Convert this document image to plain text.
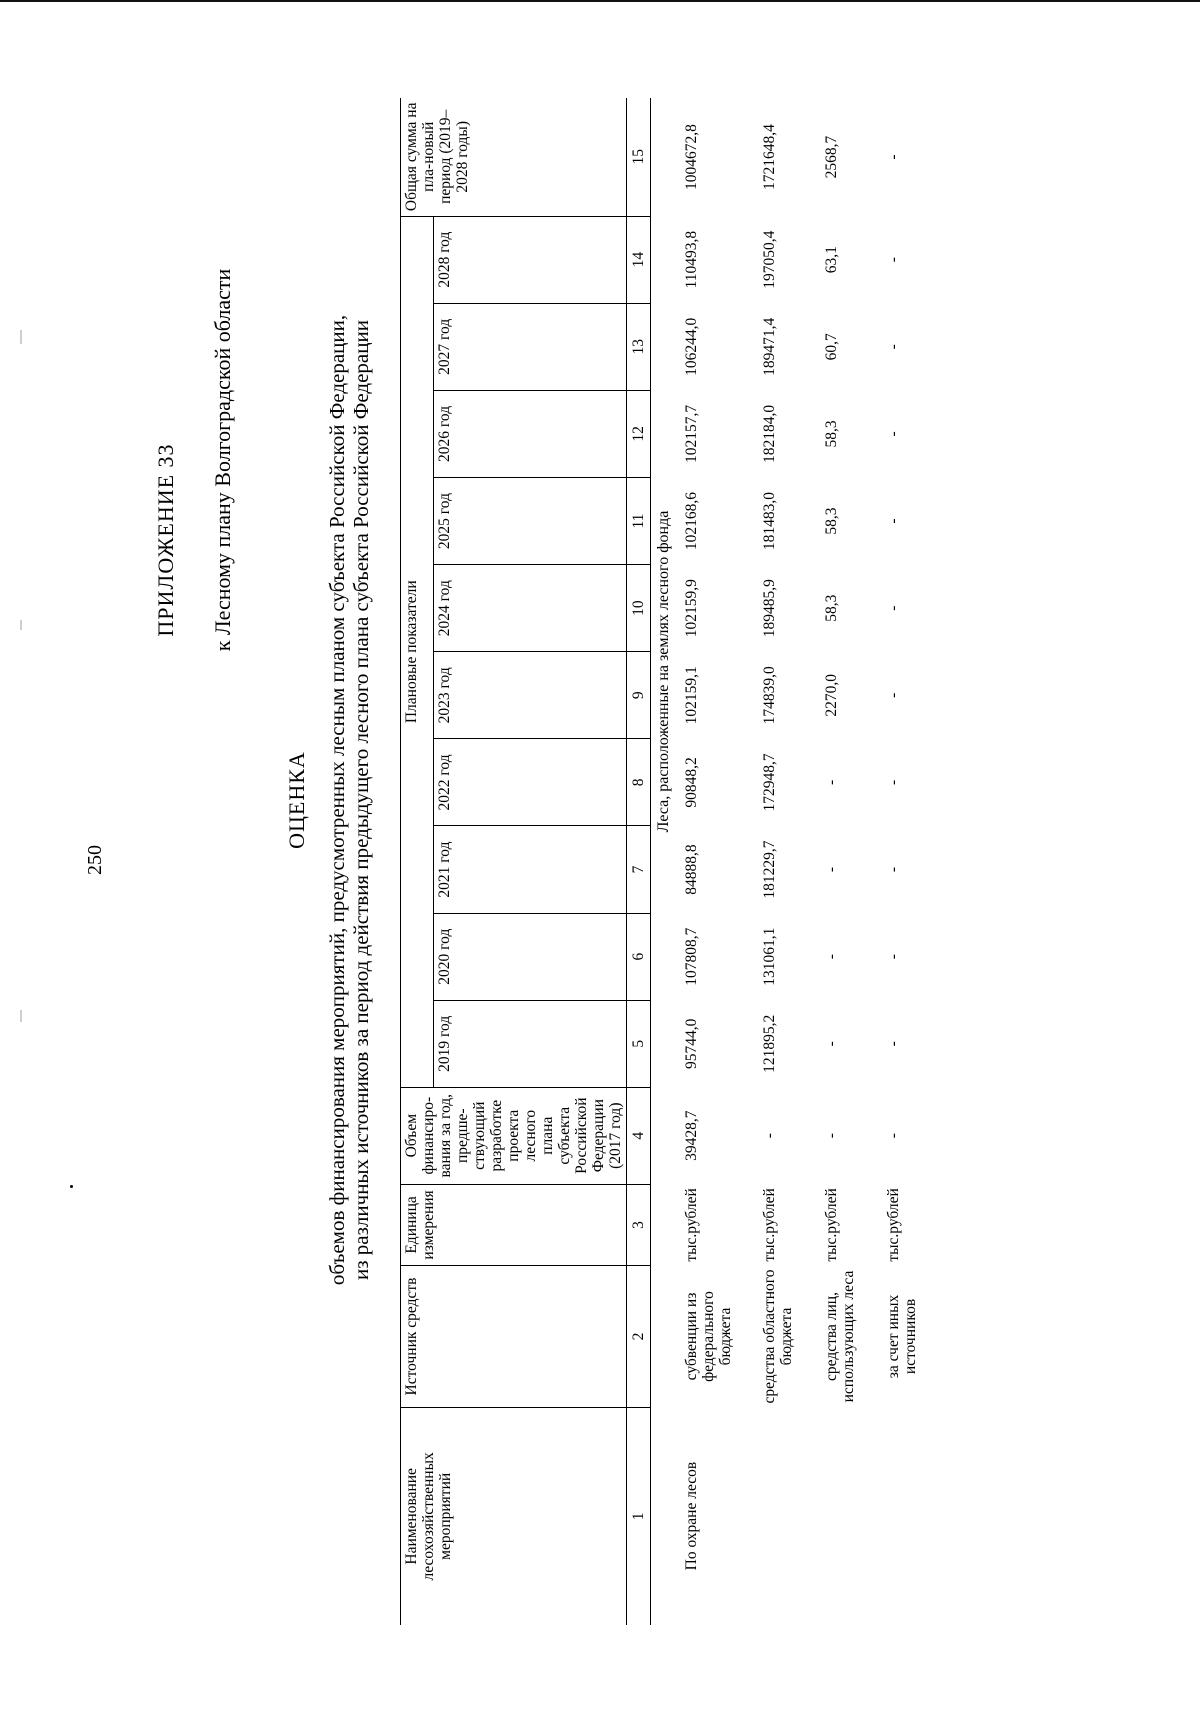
250
ПРИЛОЖЕНИЕ 33 к Лесному плану Волгоградской области
ОЦЕНКА объемов финансирования мероприятий, предусмотренных лесным планом субъекта Российской Федерации, из различных источников за период действия предыдущего лесного плана субъекта Российской Федерации
Наименование лесохозяйственных мероприятий	Источник средств	Единица измерения	Объем финансиро-вания за год, предше-ствующий разработке проекта лесного плана субъекта Российской Федерации (2017 год)	Плановые показатели										Общая сумма на пла-новый период (2019–2028 годы)
				2019 год	2020 год	2021 год	2022 год	2023 год	2024 год	2025 год	2026 год	2027 год	2028 год	
1	2	3	4	5	6	7	8	9	10	11	12	13	14	15
Леса, расположенные на землях лесного фонда														
По охране лесов	субвенции из федерального бюджета	тыс.рублей	39428,7	95744,0	107808,7	84888,8	90848,2	102159,1	102159,9	102168,6	102157,7	106244,0	110493,8	1004672,8
	средства областного бюджета	тыс.рублей	-	121895,2	131061,1	181229,7	172948,7	174839,0	189485,9	181483,0	182184,0	189471,4	197050,4	1721648,4
	средства лиц, использующих леса	тыс.рублей	-	-	-	-	-	2270,0	58,3	58,3	58,3	60,7	63,1	2568,7
	за счет иных источников	тыс.рублей	-	-	-	-	-	-	-	-	-	-	-	-
